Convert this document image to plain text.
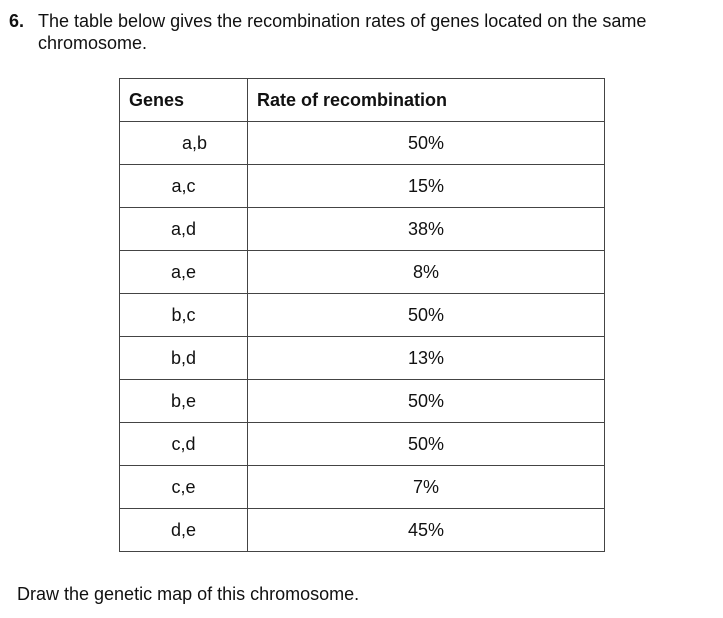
6. The table below gives the recombination rates of genes located on the same chromosome.
Genes	Rate of recombination
a,b	50%
a,c	15%
a,d	38%
a,e	8%
b,c	50%
b,d	13%
b,e	50%
c,d	50%
c,e	7%
d,e	45%
Draw the genetic map of this chromosome.
